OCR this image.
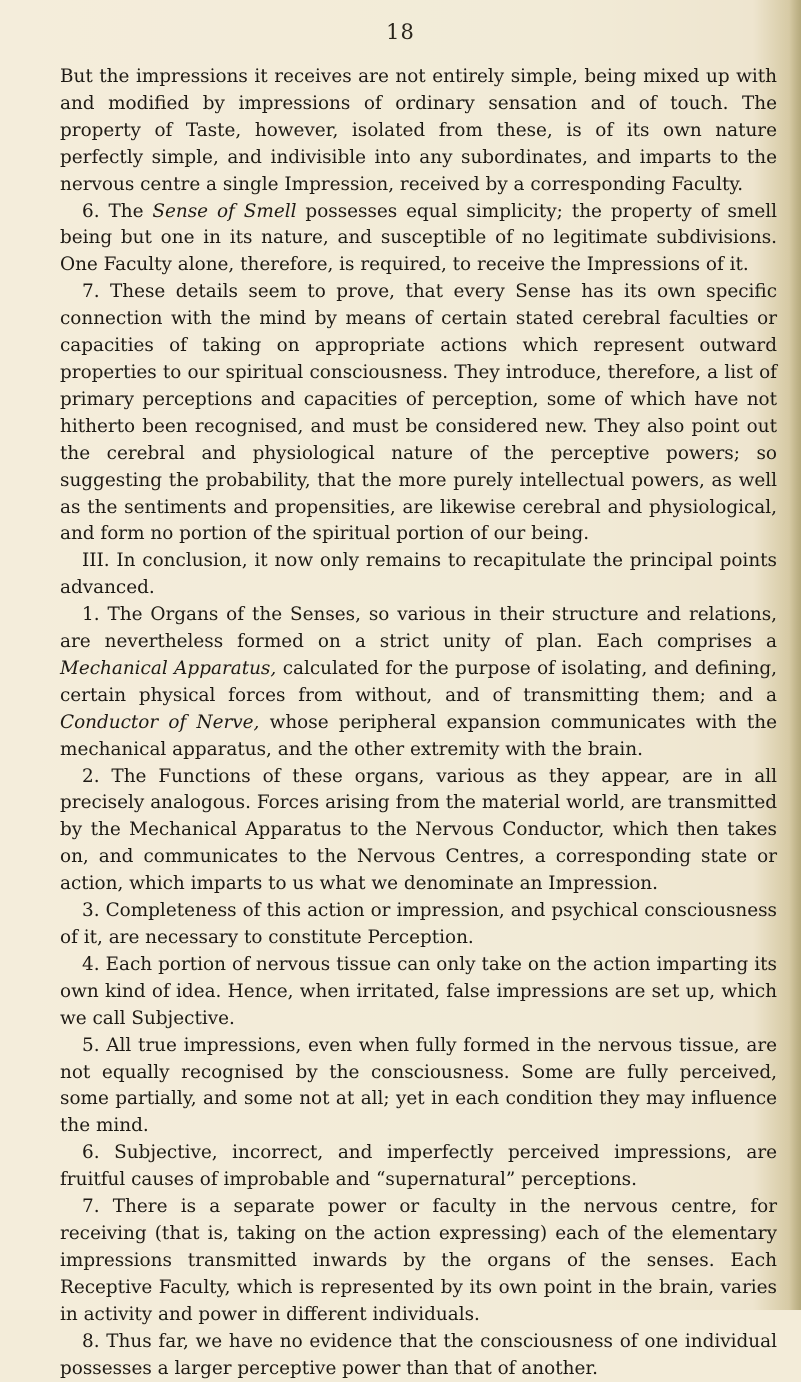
18

But the impressions it receives are not entirely simple, being mixed up with and modified by impressions of ordinary sensation and of touch. The property of Taste, however, isolated from these, is of its own nature perfectly simple, and indivisible into any subordinates, and imparts to the nervous centre a single Impression, received by a corresponding Faculty.

6. The Sense of Smell possesses equal simplicity; the property of smell being but one in its nature, and susceptible of no legitimate subdivisions. One Faculty alone, therefore, is required, to receive the Impressions of it.

7. These details seem to prove, that every Sense has its own specific connection with the mind by means of certain stated cerebral faculties or capacities of taking on appropriate actions which represent outward properties to our spiritual consciousness. They introduce, therefore, a list of primary perceptions and capacities of perception, some of which have not hitherto been recognised, and must be considered new. They also point out the cerebral and physiological nature of the perceptive powers; so suggesting the probability, that the more purely intellectual powers, as well as the sentiments and propensities, are likewise cerebral and physiological, and form no portion of the spiritual portion of our being.

III. In conclusion, it now only remains to recapitulate the principal points advanced.

1. The Organs of the Senses, so various in their structure and relations, are nevertheless formed on a strict unity of plan. Each comprises a Mechanical Apparatus, calculated for the purpose of isolating, and defining, certain physical forces from without, and of transmitting them; and a Conductor of Nerve, whose peripheral expansion communicates with the mechanical apparatus, and the other extremity with the brain.

2. The Functions of these organs, various as they appear, are in all precisely analogous. Forces arising from the material world, are transmitted by the Mechanical Apparatus to the Nervous Conductor, which then takes on, and communicates to the Nervous Centres, a corresponding state or action, which imparts to us what we denominate an Impression.

3. Completeness of this action or impression, and psychical consciousness of it, are necessary to constitute Perception.

4. Each portion of nervous tissue can only take on the action imparting its own kind of idea. Hence, when irritated, false impressions are set up, which we call Subjective.

5. All true impressions, even when fully formed in the nervous tissue, are not equally recognised by the consciousness. Some are fully perceived, some partially, and some not at all; yet in each condition they may influence the mind.

6. Subjective, incorrect, and imperfectly perceived impressions, are fruitful causes of improbable and “supernatural” perceptions.

7. There is a separate power or faculty in the nervous centre, for receiving (that is, taking on the action expressing) each of the elementary impressions transmitted inwards by the organs of the senses. Each Receptive Faculty, which is represented by its own point in the brain, varies in activity and power in different individuals.

8. Thus far, we have no evidence that the consciousness of one individual possesses a larger perceptive power than that of another.
